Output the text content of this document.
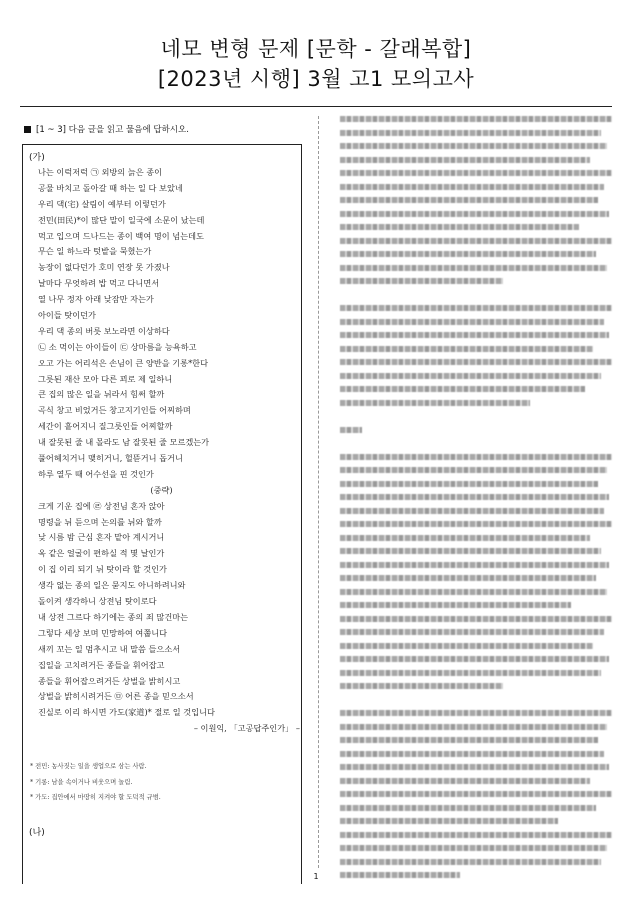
네모 변형 문제 [문학 - 갈래복합]
[2023년 시행] 3월 고1 모의고사
[1 ~ 3] 다음 글을 읽고 물음에 답하시오.
(가)
나는 이럭저럭 ㉠ 외방의 늙은 종이
공물 바치고 돌아갈 때 하는 일 다 보았네
우리 댁(宅) 살림이 예부터 이렇던가
전민(田民)*이 많단 말이 일국에 소문이 났는데
먹고 입으며 드나드는 종이 백여 명이 넘는데도
무슨 일 하느라 텃밭을 묵혔는가
농장이 없다던가 호미 연장 못 가졌나
날마다 무엇하려 밥 먹고 다니면서
열 나무 정자 아래 낮잠만 자는가
아이들 탓이던가
우리 댁 종의 버릇 보노라면 이상하다
㉡ 소 먹이는 아이들이 ㉢ 상마름을 능욕하고
오고 가는 어리석은 손님이 큰 양반을 기롱*한다
그릇된 재산 모아 다른 꾀로 제 일하니
큰 집의 많은 일을 뉘라서 힘써 할까
곡식 창고 비었거든 창고지기인들 어찌하며
세간이 흩어지니 질그릇인들 어찌할까
내 잘못된 줄 내 몰라도 남 잘못된 줄 모르겠는가
풀어헤치거니 맺히거니, 헐뜯거니 돕거니
하루 열두 때 어수선을 핀 것인가
(중략)
크게 기운 집에 ㉣ 상전님 혼자 앉아
명령을 뉘 듣으며 논의를 뉘와 할까
낮 시름 밤 근심 혼자 맡아 계시거니
옥 같은 얼굴이 편하실 적 몇 날인가
이 집 이리 되기 뉘 탓이라 할 것인가
생각 없는 종의 일은 묻지도 아니하려니와
돌이켜 생각하니 상전님 탓이로다
내 상전 그르다 하기에는 종의 죄 많건마는
그렇다 세상 보며 민망하여 여쭙니다
새끼 꼬는 일 멈추시고 내 말씀 들으소서
집일을 고치려거든 종들을 휘어잡고
종들을 휘어잡으려거든 상벌을 밝히시고
상벌을 밝히시려거든 ㉤ 어른 종을 믿으소서
진실로 이리 하시면 가도(家道)* 절로 일 것입니다
– 이원익, 「고공답주인가」 –
* 전민: 농사짓는 일을 생업으로 삼는 사람.
* 기롱: 남을 속이거나 비웃으며 놀림.
* 가도: 집안에서 마땅히 지켜야 할 도덕적 규범.
(나)
1
